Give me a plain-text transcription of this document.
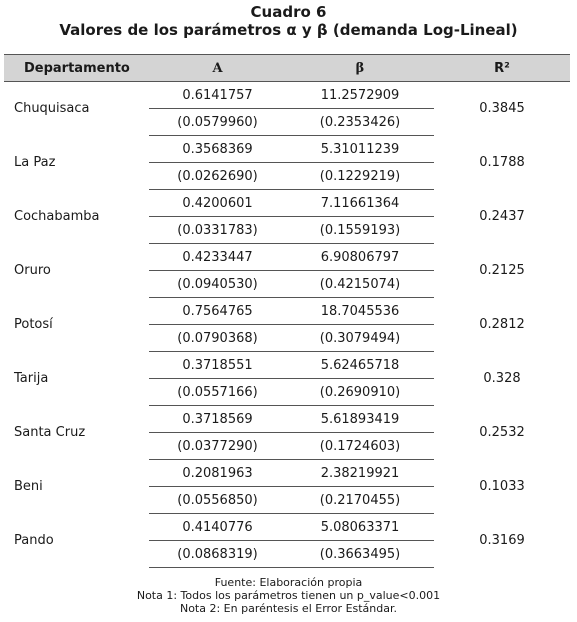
Cuadro 6
Valores de los parámetros α y β (demanda Log-Lineal)
Departamento	A	β	R²
Chuquisaca	0.6141757	11.2572909	0.3845
	(0.0579960)	(0.2353426)	
La Paz	0.3568369	5.31011239	0.1788
	(0.0262690)	(0.1229219)	
Cochabamba	0.4200601	7.11661364	0.2437
	(0.0331783)	(0.1559193)	
Oruro	0.4233447	6.90806797	0.2125
	(0.0940530)	(0.4215074)	
Potosí	0.7564765	18.7045536	0.2812
	(0.0790368)	(0.3079494)	
Tarija	0.3718551	5.62465718	0.328
	(0.0557166)	(0.2690910)	
Santa Cruz	0.3718569	5.61893419	0.2532
	(0.0377290)	(0.1724603)	
Beni	0.2081963	2.38219921	0.1033
	(0.0556850)	(0.2170455)	
Pando	0.4140776	5.08063371	0.3169
	(0.0868319)	(0.3663495)	
Fuente: Elaboración propia
Nota 1: Todos los parámetros tienen un p_value<0.001
Nota 2: En paréntesis el Error Estándar.
